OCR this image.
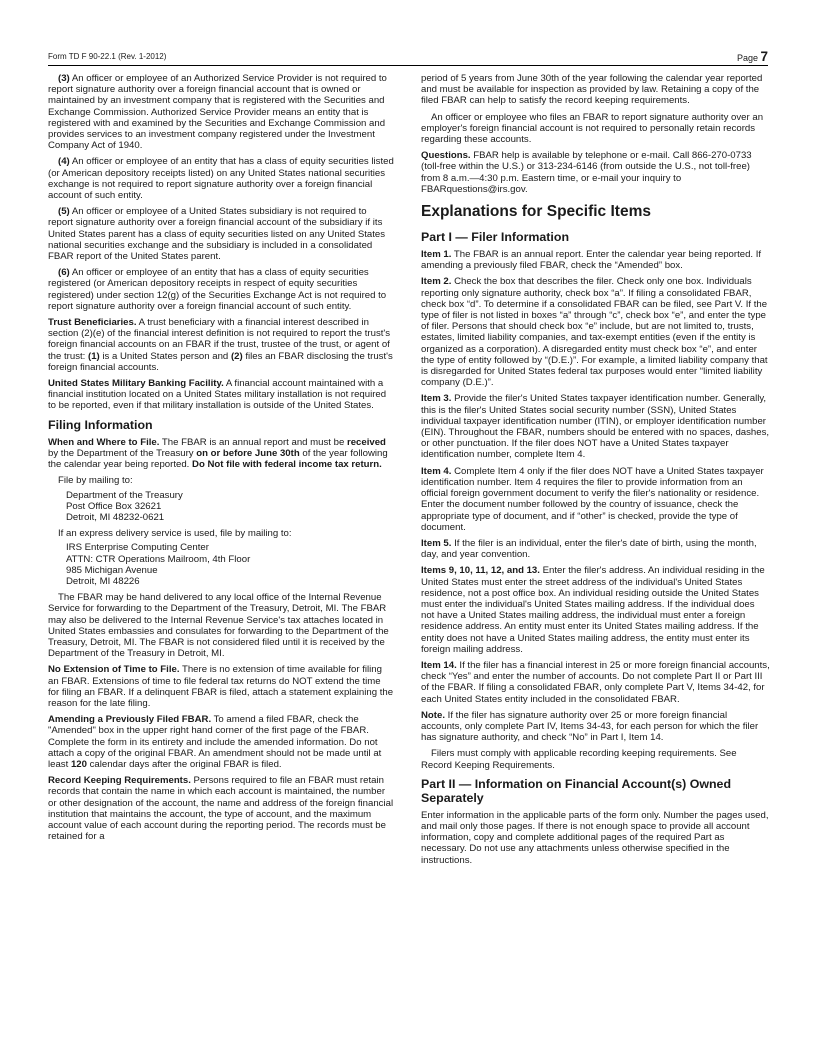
Form TD F 90-22.1 (Rev. 1-2012)	Page 7

(3) An officer or employee of an Authorized Service Provider is not required to report signature authority over a foreign financial account that is owned or maintained by an investment company that is registered with the Securities and Exchange Commission. Authorized Service Provider means an entity that is registered with and examined by the Securities and Exchange Commission and provides services to an investment company registered under the Investment Company Act of 1940.

(4) An officer or employee of an entity that has a class of equity securities listed (or American depository receipts listed) on any United States national securities exchange is not required to report signature authority over a foreign financial account of such entity.

(5) An officer or employee of a United States subsidiary is not required to report signature authority over a foreign financial account of the subsidiary if its United States parent has a class of equity securities listed on any United States national securities exchange and the subsidiary is included in a consolidated FBAR report of the United States parent.

(6) An officer or employee of an entity that has a class of equity securities registered (or American depository receipts in respect of equity securities registered) under section 12(g) of the Securities Exchange Act is not required to report signature authority over a foreign financial account of such entity.

Trust Beneficiaries. A trust beneficiary with a financial interest described in section (2)(e) of the financial interest definition is not required to report the trust's foreign financial accounts on an FBAR if the trust, trustee of the trust, or agent of the trust: (1) is a United States person and (2) files an FBAR disclosing the trust's foreign financial accounts.

United States Military Banking Facility. A financial account maintained with a financial institution located on a United States military installation is not required to be reported, even if that military installation is outside of the United States.

Filing Information

When and Where to File. The FBAR is an annual report and must be received by the Department of the Treasury on or before June 30th of the year following the calendar year being reported. Do Not file with federal income tax return.

File by mailing to:
Department of the Treasury
Post Office Box 32621
Detroit, MI 48232-0621
If an express delivery service is used, file by mailing to:
IRS Enterprise Computing Center
ATTN: CTR Operations Mailroom, 4th Floor
985 Michigan Avenue
Detroit, MI 48226

The FBAR may be hand delivered to any local office of the Internal Revenue Service for forwarding to the Department of the Treasury, Detroit, MI. The FBAR may also be delivered to the Internal Revenue Service's tax attaches located in United States embassies and consulates for forwarding to the Department of the Treasury, Detroit, MI. The FBAR is not considered filed until it is received by the Department of the Treasury in Detroit, MI.

No Extension of Time to File. There is no extension of time available for filing an FBAR. Extensions of time to file federal tax returns do NOT extend the time for filing an FBAR. If a delinquent FBAR is filed, attach a statement explaining the reason for the late filing.

Amending a Previously Filed FBAR. To amend a filed FBAR, check the "Amended" box in the upper right hand corner of the first page of the FBAR. Complete the form in its entirety and include the amended information. Do not attach a copy of the original FBAR. An amendment should not be made until at least 120 calendar days after the original FBAR is filed.

Record Keeping Requirements. Persons required to file an FBAR must retain records that contain the name in which each account is maintained, the number or other designation of the account, the name and address of the foreign financial institution that maintains the account, the type of account, and the maximum account value of each account during the reporting period. The records must be retained for a

period of 5 years from June 30th of the year following the calendar year reported and must be available for inspection as provided by law. Retaining a copy of the filed FBAR can help to satisfy the record keeping requirements.

An officer or employee who files an FBAR to report signature authority over an employer's foreign financial account is not required to personally retain records regarding these accounts.

Questions. FBAR help is available by telephone or e-mail. Call 866-270-0733 (toll-free within the U.S.) or 313-234-6146 (from outside the U.S., not toll-free) from 8 a.m.—4:30 p.m. Eastern time, or e-mail your inquiry to FBARquestions@irs.gov.

Explanations for Specific Items
Part I — Filer Information

Item 1. The FBAR is an annual report. Enter the calendar year being reported. If amending a previously filed FBAR, check the “Amended” box.

Item 2. Check the box that describes the filer. Check only one box. Individuals reporting only signature authority, check box “a”. If filing a consolidated FBAR, check box “d”. To determine if a consolidated FBAR can be filed, see Part V. If the type of filer is not listed in boxes “a” through “c”, check box “e”, and enter the type of filer. Persons that should check box “e” include, but are not limited to, trusts, estates, limited liability companies, and tax-exempt entities (even if the entity is organized as a corporation). A disregarded entity must check box “e”, and enter the type of entity followed by “(D.E.)”. For example, a limited liability company that is disregarded for United States federal tax purposes would enter “limited liability company (D.E.)”.

Item 3. Provide the filer's United States taxpayer identification number. Generally, this is the filer's United States social security number (SSN), United States individual taxpayer identification number (ITIN), or employer identification number (EIN). Throughout the FBAR, numbers should be entered with no spaces, dashes, or other punctuation. If the filer does NOT have a United States taxpayer identification number, complete Item 4.

Item 4. Complete Item 4 only if the filer does NOT have a United States taxpayer identification number. Item 4 requires the filer to provide information from an official foreign government document to verify the filer's nationality or residence. Enter the document number followed by the country of issuance, check the appropriate type of document, and if “other” is checked, provide the type of document.

Item 5. If the filer is an individual, enter the filer's date of birth, using the month, day, and year convention.

Items 9, 10, 11, 12, and 13. Enter the filer's address. An individual residing in the United States must enter the street address of the individual's United States residence, not a post office box. An individual residing outside the United States must enter the individual's United States mailing address. If the individual does not have a United States mailing address, the individual must enter a foreign residence address. An entity must enter its United States mailing address. If the entity does not have a United States mailing address, the entity must enter its foreign mailing address.

Item 14. If the filer has a financial interest in 25 or more foreign financial accounts, check “Yes” and enter the number of accounts. Do not complete Part II or Part III of the FBAR. If filing a consolidated FBAR, only complete Part V, Items 34-42, for each United States entity included in the consolidated FBAR.

Note. If the filer has signature authority over 25 or more foreign financial accounts, only complete Part IV, Items 34-43, for each person for which the filer has signature authority, and check “No” in Part I, Item 14.

Filers must comply with applicable recording keeping requirements. See Record Keeping Requirements.

Part II — Information on Financial Account(s) Owned Separately

Enter information in the applicable parts of the form only. Number the pages used, and mail only those pages. If there is not enough space to provide all account information, copy and complete additional pages of the required Part as necessary. Do not use any attachments unless otherwise specified in the instructions.
